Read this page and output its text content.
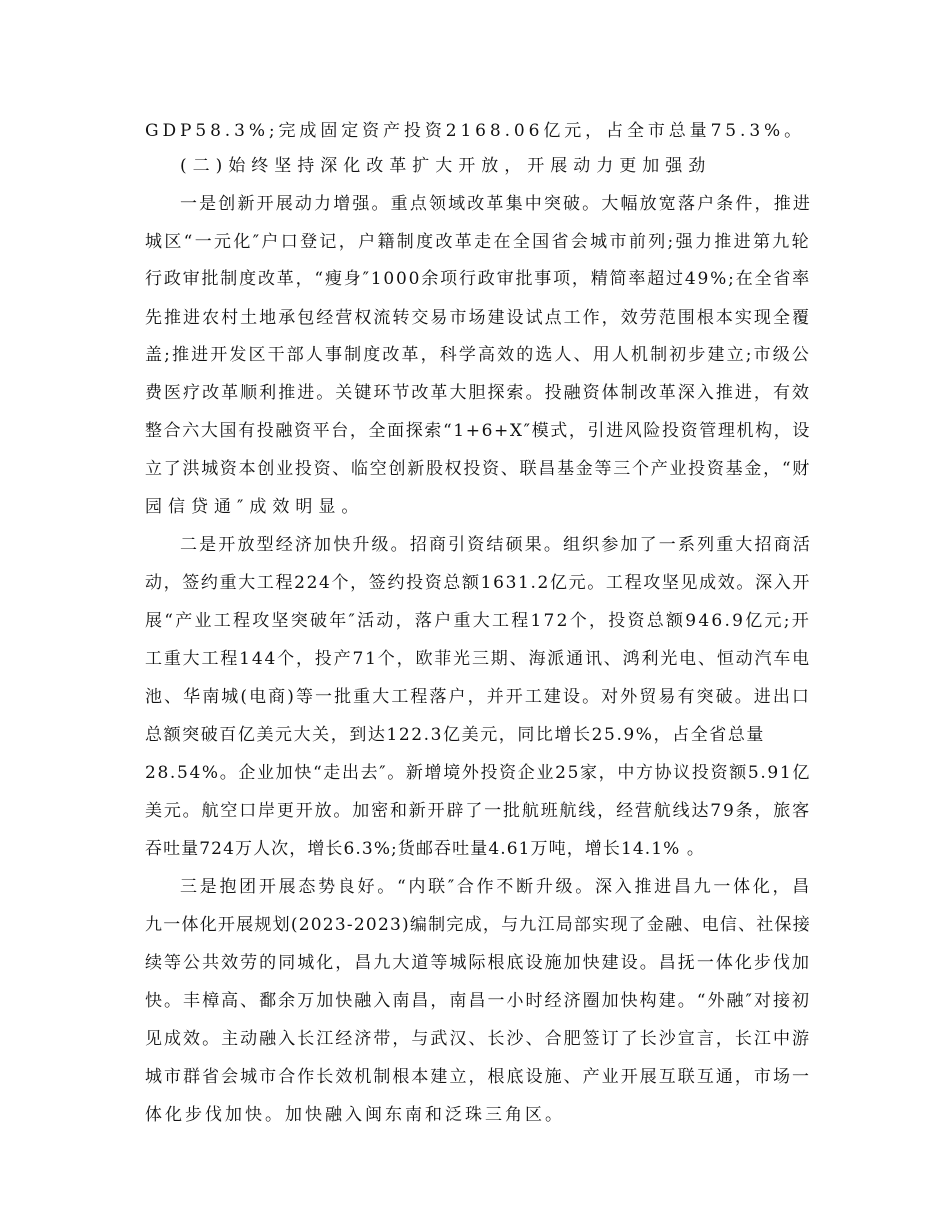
GDP58.3%;完成固定资产投资2168.06亿元，占全市总量75.3%。
(二)始终坚持深化改革扩大开放，开展动力更加强劲
一是创新开展动力增强。重点领域改革集中突破。大幅放宽落户条件，推进
城区“一元化″户口登记，户籍制度改革走在全国省会城市前列;强力推进第九轮
行政审批制度改革，“瘦身″1000余项行政审批事项，精简率超过49%;在全省率
先推进农村土地承包经营权流转交易市场建设试点工作，效劳范围根本实现全覆
盖;推进开发区干部人事制度改革，科学高效的选人、用人机制初步建立;市级公
费医疗改革顺利推进。关键环节改革大胆探索。投融资体制改革深入推进，有效
整合六大国有投融资平台，全面探索“1+6+X″模式，引进风险投资管理机构，设
立了洪城资本创业投资、临空创新股权投资、联昌基金等三个产业投资基金，“财
园信贷通″成效明显。
二是开放型经济加快升级。招商引资结硕果。组织参加了一系列重大招商活
动，签约重大工程224个，签约投资总额1631.2亿元。工程攻坚见成效。深入开
展“产业工程攻坚突破年″活动，落户重大工程172个，投资总额946.9亿元;开
工重大工程144个，投产71个，欧菲光三期、海派通讯、鸿利光电、恒动汽车电
池、华南城(电商)等一批重大工程落户，并开工建设。对外贸易有突破。进出口
总额突破百亿美元大关，到达122.3亿美元，同比增长25.9%，占全省总量
28.54%。企业加快“走出去″。新增境外投资企业25家，中方协议投资额5.91亿
美元。航空口岸更开放。加密和新开辟了一批航班航线，经营航线达79条，旅客
吞吐量724万人次，增长6.3%;货邮吞吐量4.61万吨，增长14.1% 。
三是抱团开展态势良好。“内联″合作不断升级。深入推进昌九一体化，昌
九一体化开展规划(2023-2023)编制完成，与九江局部实现了金融、电信、社保接
续等公共效劳的同城化，昌九大道等城际根底设施加快建设。昌抚一体化步伐加
快。丰樟高、鄱余万加快融入南昌，南昌一小时经济圈加快构建。“外融″对接初
见成效。主动融入长江经济带，与武汉、长沙、合肥签订了长沙宣言，长江中游
城市群省会城市合作长效机制根本建立，根底设施、产业开展互联互通，市场一
体化步伐加快。加快融入闽东南和泛珠三角区。
